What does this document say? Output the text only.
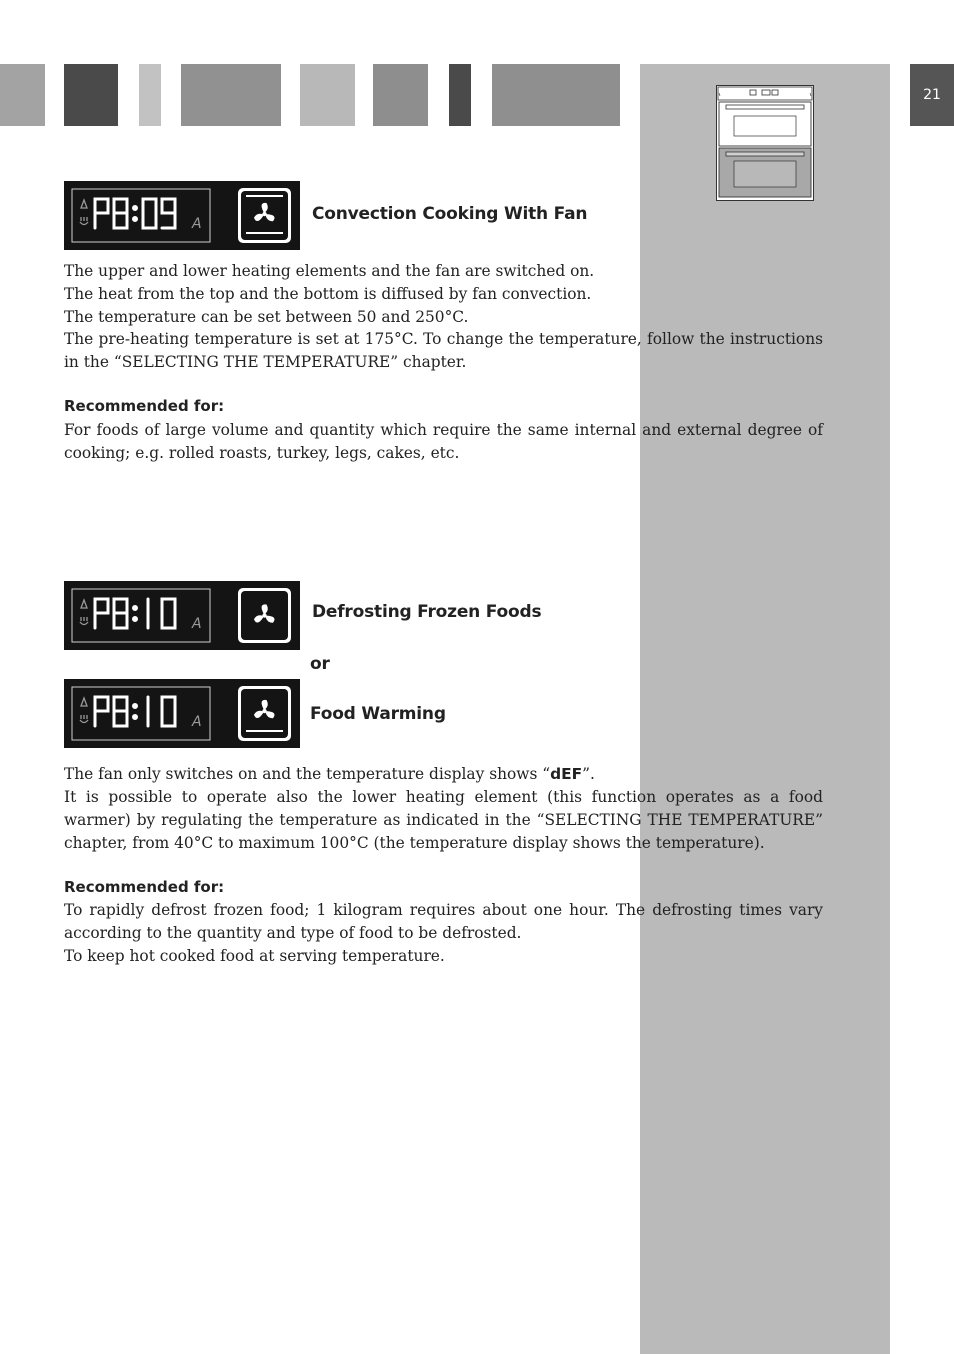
21
A	Convection Cooking With Fan

The upper and lower heating elements and the fan are switched on. The heat from the top and the bottom is diffused by fan convection. The temperature can be set between 50 and 250°C.

The pre-heating temperature is set at 175°C. To change the temperature, follow the instructions in the “SELECTING THE TEMPERATURE” chapter.

Recommended for:

For foods of large volume and quantity which require the same internal and external degree of cooking; e.g. rolled roasts, turkey, legs, cakes, etc.

A
Defrosting Frozen Foods
or
A	Food Warming

The fan only switches on and the temperature display shows “dEF”.

It is possible to operate also the lower heating element (this function operates as a food warmer) by regulating the temperature as indicated in the “SELECTING THE TEMPERATURE” chapter, from 40°C to maximum 100°C (the temperature display shows the temperature).

Recommended for:

To rapidly defrost frozen food; 1 kilogram requires about one hour. The defrosting times vary according to the quantity and type of food to be defrosted.

To keep hot cooked food at serving temperature.
